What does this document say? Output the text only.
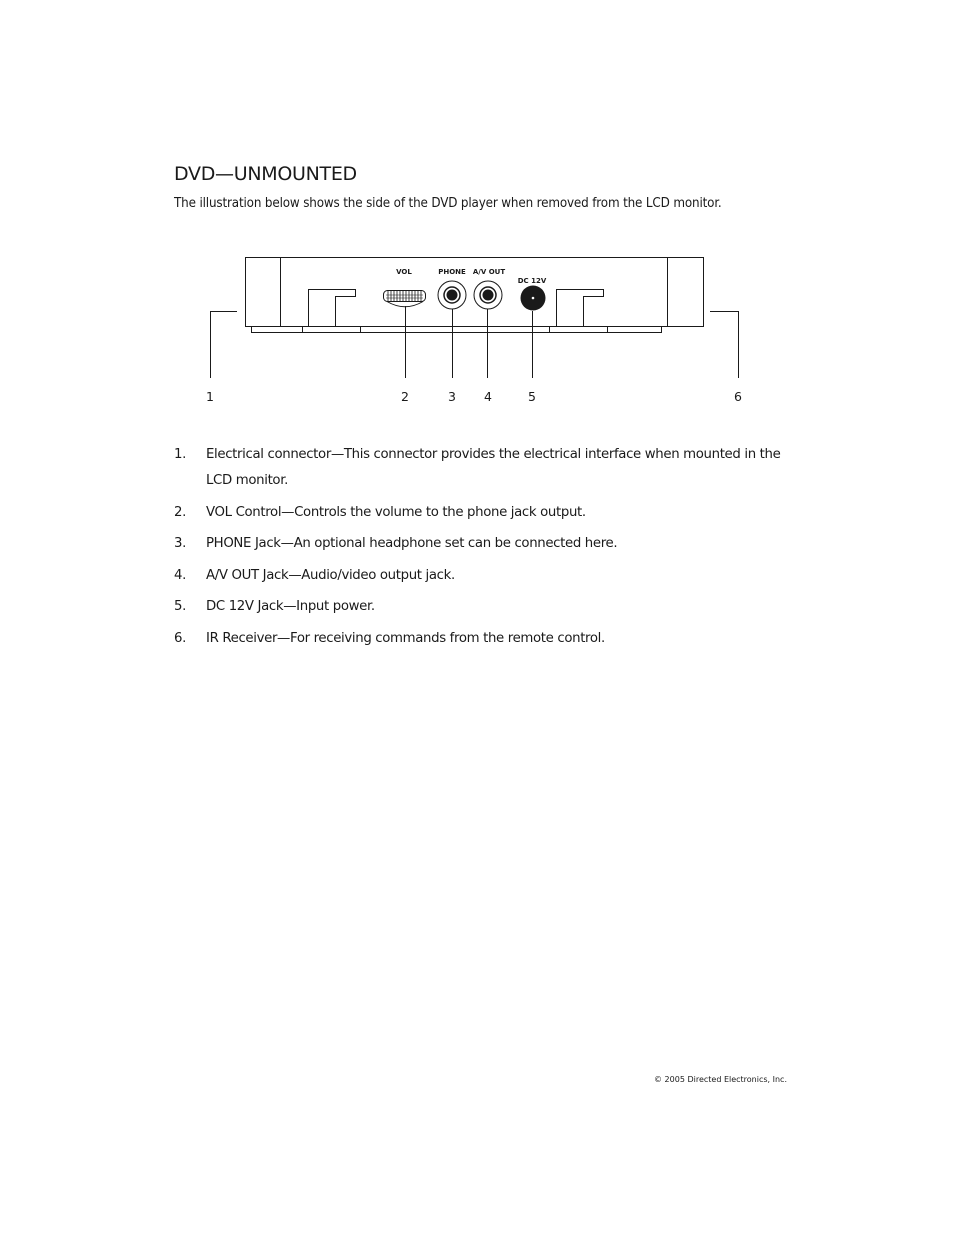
DVD—UNMOUNTED

The illustration below shows the side of the DVD player when removed from the LCD monitor.

VOL	PHONE A/V OUT
DC 12V
1	2	3 4	5	6
1. Electrical connector—This connector provides the electrical interface when mounted in the LCD monitor.
2. VOL Control—Controls the volume to the phone jack output.
3. PHONE Jack—An optional headphone set can be connected here.
4. A/V OUT Jack—Audio/video output jack.
5. DC 12V Jack—Input power.
6. IR Receiver—For receiving commands from the remote control.

© 2005 Directed Electronics, Inc.
